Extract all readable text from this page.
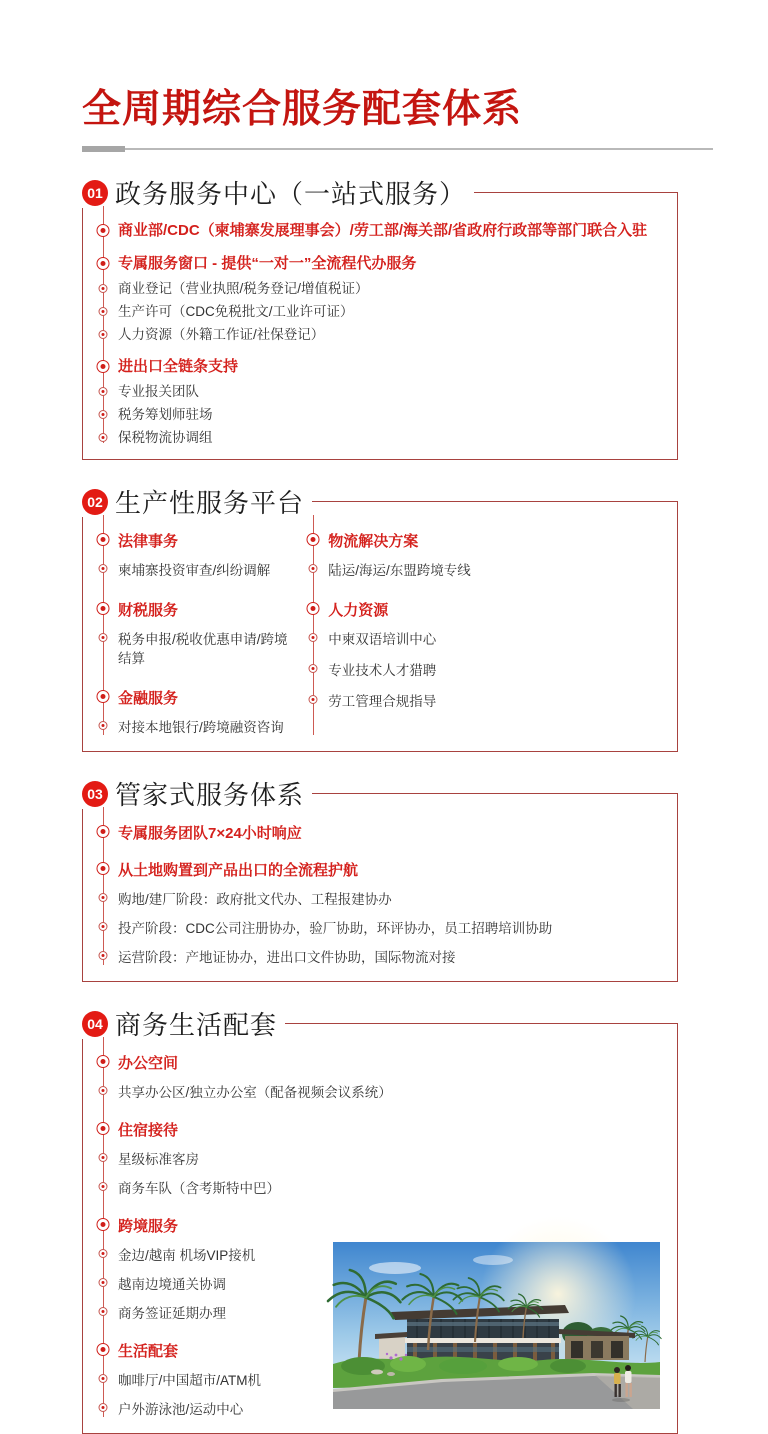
全周期综合服务配套体系
01 政务服务中心（一站式服务）
商业部/CDC（柬埔寨发展理事会）/劳工部/海关部/省政府行政部等部门联合入驻
专属服务窗口 - 提供“一对一”全流程代办服务
商业登记（营业执照/税务登记/增值税证）
生产许可（CDC免税批文/工业许可证）
人力资源（外籍工作证/社保登记）
进出口全链条支持
专业报关团队
税务筹划师驻场
保税物流协调组
02 生产性服务平台
法律事务
柬埔寨投资审查/纠纷调解
财税服务
税务申报/税收优惠申请/跨境结算
金融服务
对接本地银行/跨境融资咨询
物流解决方案
陆运/海运/东盟跨境专线
人力资源
中柬双语培训中心
专业技术人才猎聘
劳工管理合规指导
03 管家式服务体系
专属服务团队7×24小时响应
从土地购置到产品出口的全流程护航
购地/建厂阶段：政府批文代办、工程报建协办
投产阶段：CDC公司注册协办，验厂协助，环评协办，员工招聘培训协助
运营阶段：产地证协办，进出口文件协助，国际物流对接
04 商务生活配套
办公空间
共享办公区/独立办公室（配备视频会议系统）
住宿接待
星级标准客房
商务车队（含考斯特中巴）
跨境服务
金边/越南 机场VIP接机
越南边境通关协调
商务签证延期办理
生活配套
咖啡厅/中国超市/ATM机
户外游泳池/运动中心
